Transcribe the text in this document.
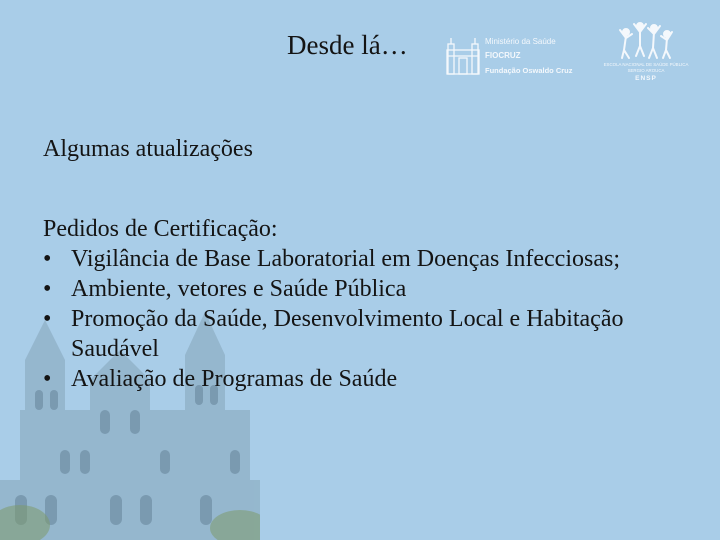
Desde lá…	Ministério da Saúde
FIOCRUZ
Fundação Oswaldo Cruz
ESCOLA NACIONAL DE SAÚDE PÚBLICA
SERGIO AROUCA
ENSP
Algumas atualizações
Pedidos de Certificação:
• Vigilância de Base Laboratorial em Doenças Infecciosas;
• Ambiente, vetores e Saúde Pública
• Promoção da Saúde, Desenvolvimento Local e Habitação Saudável
• Avaliação de Programas de Saúde
